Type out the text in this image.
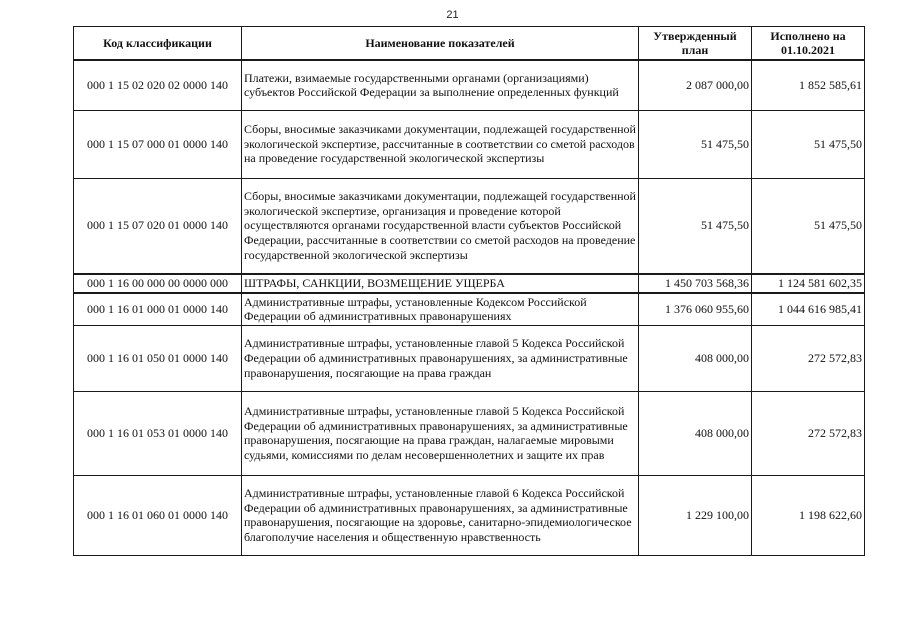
21
Код классификации	Наименование показателей	Утвержденный план	Исполнено на 01.10.2021
000 1 15 02 020 02 0000 140	Платежи, взимаемые государственными органами (организациями) субъектов Российской Федерации за выполнение определенных функций	2 087 000,00	1 852 585,61
000 1 15 07 000 01 0000 140	Сборы, вносимые заказчиками документации, подлежащей государственной экологической экспертизе, рассчитанные в соответствии со сметой расходов на проведение государственной экологической экспертизы	51 475,50	51 475,50
000 1 15 07 020 01 0000 140	Сборы, вносимые заказчиками документации, подлежащей государственной экологической экспертизе, организация и проведение которой осуществляются органами государственной власти субъектов Российской Федерации, рассчитанные в соответствии со сметой расходов на проведение государственной экологической экспертизы	51 475,50	51 475,50
000 1 16 00 000 00 0000 000	ШТРАФЫ, САНКЦИИ, ВОЗМЕЩЕНИЕ УЩЕРБА	1 450 703 568,36	1 124 581 602,35
000 1 16 01 000 01 0000 140	Административные штрафы, установленные Кодексом Российской Федерации об административных правонарушениях	1 376 060 955,60	1 044 616 985,41
000 1 16 01 050 01 0000 140	Административные штрафы, установленные главой 5 Кодекса Российской Федерации об административных правонарушениях, за административные правонарушения, посягающие на права граждан	408 000,00	272 572,83
000 1 16 01 053 01 0000 140	Административные штрафы, установленные главой 5 Кодекса Российской Федерации об административных правонарушениях, за административные правонарушения, посягающие на права граждан, налагаемые мировыми судьями, комиссиями по делам несовершеннолетних и защите их прав	408 000,00	272 572,83
000 1 16 01 060 01 0000 140	Административные штрафы, установленные главой 6 Кодекса Российской Федерации об административных правонарушениях, за административные правонарушения, посягающие на здоровье, санитарно-эпидемиологическое благополучие населения и общественную нравственность	1 229 100,00	1 198 622,60
